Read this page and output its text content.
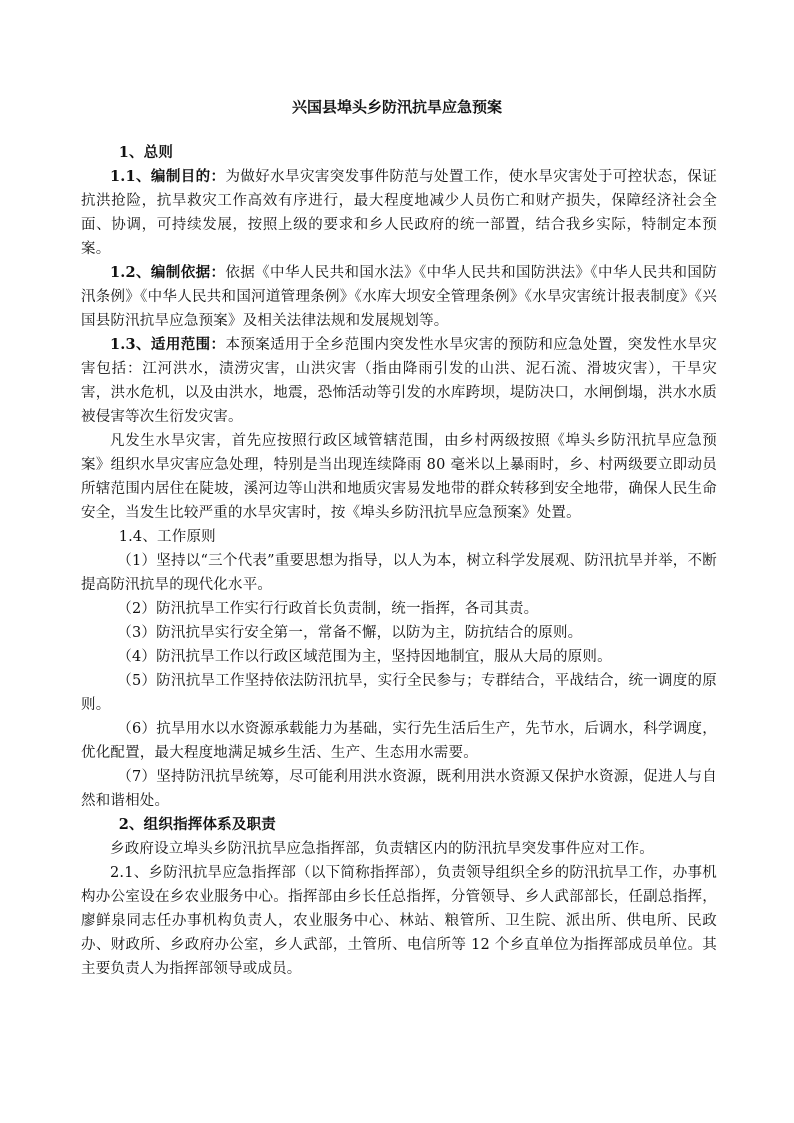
兴国县埠头乡防汛抗旱应急预案

1、总则

1.1、编制目的：为做好水旱灾害突发事件防范与处置工作，使水旱灾害处于可控状态，保证抗洪抢险，抗旱救灾工作高效有序进行，最大程度地减少人员伤亡和财产损失，保障经济社会全面、协调，可持续发展，按照上级的要求和乡人民政府的统一部置，结合我乡实际，特制定本预案。

1.2、编制依据：依据《中华人民共和国水法》《中华人民共和国防洪法》《中华人民共和国防汛条例》《中华人民共和国河道管理条例》《水库大坝安全管理条例》《水旱灾害统计报表制度》《兴国县防汛抗旱应急预案》及相关法律法规和发展规划等。

1.3、适用范围：本预案适用于全乡范围内突发性水旱灾害的预防和应急处置，突发性水旱灾害包括：江河洪水，渍涝灾害，山洪灾害（指由降雨引发的山洪、泥石流、滑坡灾害），干旱灾害，洪水危机，以及由洪水，地震，恐怖活动等引发的水库跨坝，堤防决口，水闸倒塌，洪水水质被侵害等次生衍发灾害。

凡发生水旱灾害，首先应按照行政区域管辖范围，由乡村两级按照《埠头乡防汛抗旱应急预案》组织水旱灾害应急处理，特别是当出现连续降雨 80 毫米以上暴雨时，乡、村两级要立即动员所辖范围内居住在陡坡，溪河边等山洪和地质灾害易发地带的群众转移到安全地带，确保人民生命安全，当发生比较严重的水旱灾害时，按《埠头乡防汛抗旱应急预案》处置。

1.4、工作原则

（1）坚持以“三个代表”重要思想为指导，以人为本，树立科学发展观、防汛抗旱并举，不断提高防汛抗旱的现代化水平。

（2）防汛抗旱工作实行行政首长负责制，统一指挥，各司其责。

（3）防汛抗旱实行安全第一，常备不懈，以防为主，防抗结合的原则。

（4）防汛抗旱工作以行政区域范围为主，坚持因地制宜，服从大局的原则。

（5）防汛抗旱工作坚持依法防汛抗旱，实行全民参与；专群结合，平战结合，统一调度的原则。

（6）抗旱用水以水资源承载能力为基础，实行先生活后生产，先节水，后调水，科学调度，优化配置，最大程度地满足城乡生活、生产、生态用水需要。

（7）坚持防汛抗旱统筹，尽可能利用洪水资源，既利用洪水资源又保护水资源，促进人与自然和谐相处。

2、组织指挥体系及职责

乡政府设立埠头乡防汛抗旱应急指挥部，负责辖区内的防汛抗旱突发事件应对工作。

2.1、乡防汛抗旱应急指挥部（以下简称指挥部），负责领导组织全乡的防汛抗旱工作，办事机构办公室设在乡农业服务中心。指挥部由乡长任总指挥，分管领导、乡人武部部长，任副总指挥，廖鲜泉同志任办事机构负责人，农业服务中心、林站、粮管所、卫生院、派出所、供电所、民政办、财政所、乡政府办公室，乡人武部，土管所、电信所等 12 个乡直单位为指挥部成员单位。其主要负责人为指挥部领导或成员。
